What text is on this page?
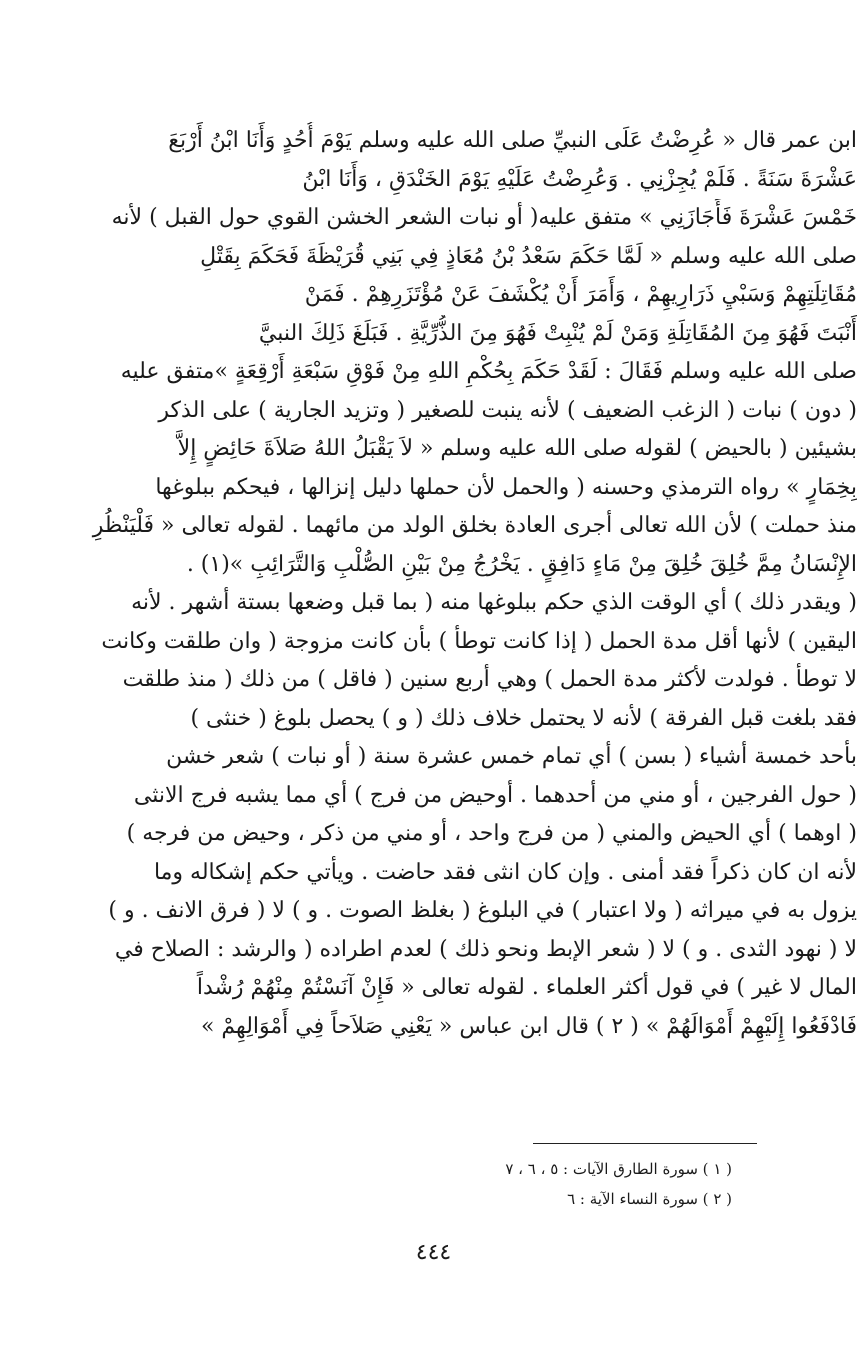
ابن عمر قال « عُرِضْتُ عَلَى النبيِّ صلى الله عليه وسلم يَوْمَ أُحُدٍ وَأَنَا ابْنُ أَرْبَعَ
عَشْرَةَ سَنَةً . فَلَمْ يُجِزْنِي . وَعُرِضْتُ عَلَيْهِ يَوْمَ الخَنْدَقِ ، وَأَنَا ابْنُ
خَمْسَ عَشْرَةَ فَأَجَازَنِي » متفق عليه( أو نبات الشعر الخشن القوي حول القبل ) لأنه
صلى الله عليه وسلم « لَمَّا حَكَمَ سَعْدُ بْنُ مُعَاذٍ فِي بَنِي قُرَيْظَةَ فَحَكَمَ بِقَتْلِ
مُقَاتِلَتِهِمْ وَسَبْيِ ذَرَارِيهِمْ ، وَأَمَرَ أَنْ يُكْشَفَ عَنْ مُؤْتَزَرِهِمْ . فَمَنْ
أَنْبَتَ فَهُوَ مِنَ المُقَاتِلَةِ وَمَنْ لَمْ يُنْبِتْ فَهُوَ مِنَ الذُّرِّيَّةِ . فَبَلَغَ ذَلِكَ النبيَّ
صلى الله عليه وسلم فَقَالَ : لَقَدْ حَكَمَ بِحُكْمِ اللهِ مِنْ فَوْقِ سَبْعَةِ أَرْقِعَةٍ »متفق عليه
( دون ) نبات ( الزغب الضعيف ) لأنه ينبت للصغير ( وتزيد الجارية ) على الذكر
بشيئين ( بالحيض ) لقوله صلى الله عليه وسلم « لاَ يَقْبَلُ اللهُ صَلاَةَ حَائِضٍ إِلاَّ
بِخِمَارٍ » رواه الترمذي وحسنه ( والحمل لأن حملها دليل إنزالها ، فيحكم ببلوغها
منذ حملت ) لأن الله تعالى أجرى العادة بخلق الولد من مائهما . لقوله تعالى « فَلْيَنْظُرِ
الإِنْسَانُ مِمَّ خُلِقَ خُلِقَ مِنْ مَاءٍ دَافِقٍ . يَخْرُجُ مِنْ بَيْنِ الصُّلْبِ وَالتَّرَائِبِ »(١) .
( ويقدر ذلك ) أي الوقت الذي حكم ببلوغها منه ( بما قبل وضعها بستة أشهر . لأنه
اليقين ) لأنها أقل مدة الحمل ( إذا كانت توطأ ) بأن كانت مزوجة ( وان طلقت وكانت
لا توطأ . فولدت لأكثر مدة الحمل ) وهي أربع سنين ( فاقل ) من ذلك ( منذ طلقت
فقد بلغت قبل الفرقة ) لأنه لا يحتمل خلاف ذلك ( و ) يحصل بلوغ ( خنثى )
بأحد خمسة أشياء ( بسن ) أي تمام خمس عشرة سنة ( أو نبات ) شعر خشن
( حول الفرجين ، أو مني من أحدهما . أوحيض من فرج ) أي مما يشبه فرج الانثى
( اوهما ) أي الحيض والمني ( من فرج واحد ، أو مني من ذكر ، وحيض من فرجه )
لأنه ان كان ذكراً فقد أمنى . وإن كان انثى فقد حاضت . ويأتي حكم إشكاله وما
يزول به في ميراثه ( ولا اعتبار ) في البلوغ ( بغلظ الصوت . و ) لا ( فرق الانف . و )
لا ( نهود الثدى . و ) لا ( شعر الإبط ونحو ذلك ) لعدم اطراده ( والرشد : الصلاح في
المال لا غير ) في قول أكثر العلماء . لقوله تعالى « فَإِنْ آنَسْتُمْ مِنْهُمْ رُشْداً
فَادْفَعُوا إِلَيْهِمْ أَمْوَالَهُمْ » ( ٢ ) قال ابن عباس « يَعْنِي صَلاَحاً فِي أَمْوَالِهِمْ »
( ١ ) سورة الطارق الآيات : ٥ ، ٦ ، ٧
( ٢ ) سورة النساء الآية : ٦
٤٤٤
